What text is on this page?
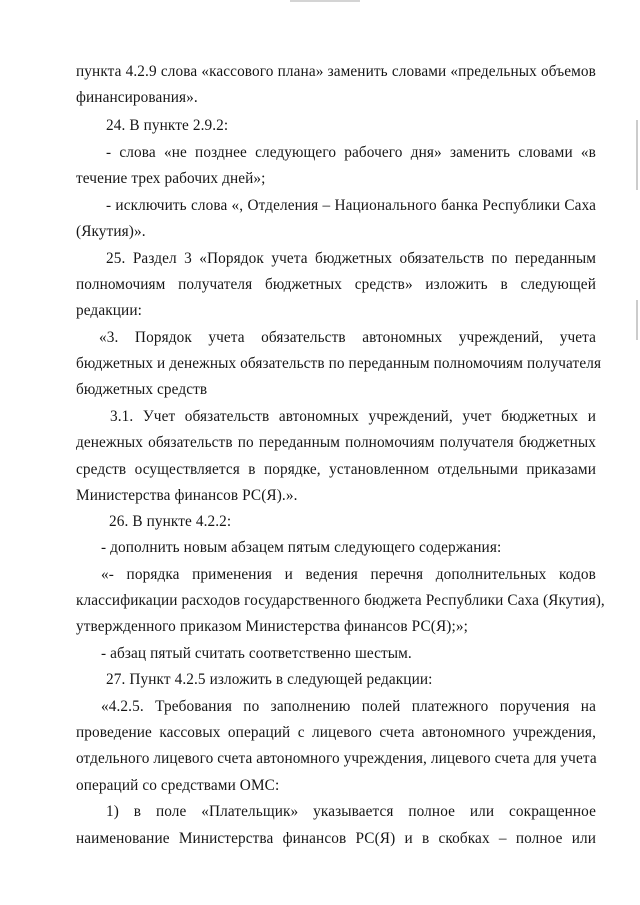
пункта 4.2.9 слова «кассового плана» заменить словами «предельных объемов
финансирования».
24. В пункте 2.9.2:
- слова «не позднее следующего рабочего дня» заменить словами «в
течение трех рабочих дней»;
- исключить слова «, Отделения – Национального банка Республики Саха
(Якутия)».
25. Раздел 3 «Порядок учета бюджетных обязательств по переданным
полномочиям получателя бюджетных средств» изложить в следующей
редакции:
«3. Порядок учета обязательств автономных учреждений, учета
бюджетных и денежных обязательств по переданным полномочиям получателя
бюджетных средств
3.1. Учет обязательств автономных учреждений, учет бюджетных и
денежных обязательств по переданным полномочиям получателя бюджетных
средств осуществляется в порядке, установленном отдельными приказами
Министерства финансов РС(Я).».
26. В пункте 4.2.2:
- дополнить новым абзацем пятым следующего содержания:
«- порядка применения и ведения перечня дополнительных кодов
классификации расходов государственного бюджета Республики Саха (Якутия),
утвержденного приказом Министерства финансов РС(Я);»;
- абзац пятый считать соответственно шестым.
27. Пункт 4.2.5 изложить в следующей редакции:
«4.2.5. Требования по заполнению полей платежного поручения на
проведение кассовых операций с лицевого счета автономного учреждения,
отдельного лицевого счета автономного учреждения, лицевого счета для учета
операций со средствами ОМС:
1) в поле «Плательщик» указывается полное или сокращенное
наименование Министерства финансов РС(Я) и в скобках – полное или
